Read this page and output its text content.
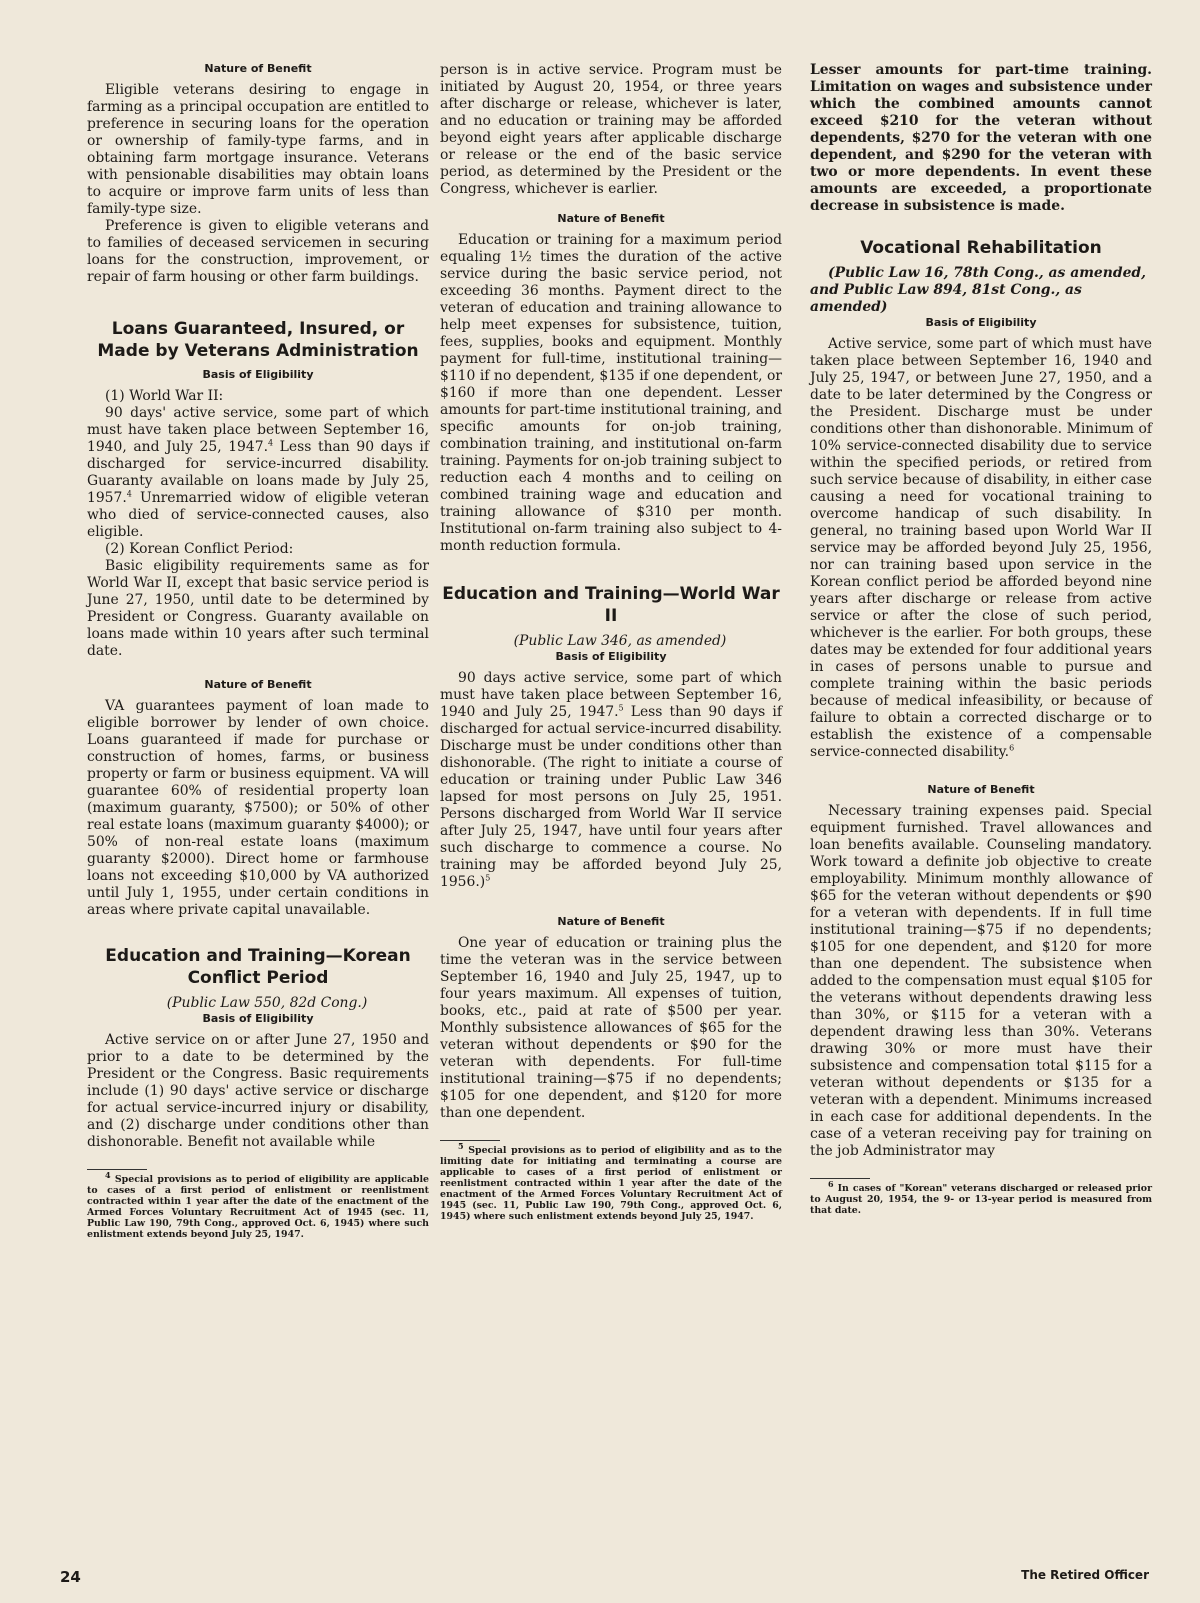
Nature of Benefit

Eligible veterans desiring to engage in farming as a principal occupation are entitled to preference in securing loans for the operation or ownership of family-type farms, and in obtaining farm mortgage insurance. Veterans with pensionable disabilities may obtain loans to acquire or improve farm units of less than family-type size.

Preference is given to eligible veterans and to families of deceased servicemen in securing loans for the construction, improvement, or repair of farm housing or other farm buildings.

Loans Guaranteed, Insured, or Made by Veterans Administration
Basis of Eligibility

(1) World War II:

90 days' active service, some part of which must have taken place between September 16, 1940, and July 25, 1947.$^4$ Less than 90 days if discharged for service-incurred disability. Guaranty available on loans made by July 25, 1957.$^4$ Unremarried widow of eligible veteran who died of service-connected causes, also eligible.

(2) Korean Conflict Period:

Basic eligibility requirements same as for World War II, except that basic service period is June 27, 1950, until date to be determined by President or Congress. Guaranty available on loans made within 10 years after such terminal date.

Nature of Benefit

VA guarantees payment of loan made to eligible borrower by lender of own choice. Loans guaranteed if made for purchase or construction of homes, farms, or business property or farm or business equipment. VA will guarantee 60% of residential property loan (maximum guaranty, $7500); or 50% of other real estate loans (maximum guaranty $4000); or 50% of non-real estate loans (maximum guaranty $2000). Direct home or farmhouse loans not exceeding $10,000 by VA authorized until July 1, 1955, under certain conditions in areas where private capital unavailable.

Education and Training—Korean Conflict Period

(Public Law 550, 82d Cong.)

Basis of Eligibility

Active service on or after June 27, 1950 and prior to a date to be determined by the President or the Congress. Basic requirements include (1) 90 days' active service or discharge for actual service-incurred injury or disability, and (2) discharge under conditions other than dishonorable. Benefit not available while

$^4$ Special provisions as to period of eligibility are applicable to cases of a first period of enlistment or reenlistment contracted within 1 year after the date of the enactment of the Armed Forces Voluntary Recruitment Act of 1945 (sec. 11, Public Law 190, 79th Cong., approved Oct. 6, 1945) where such enlistment extends beyond July 25, 1947.

person is in active service. Program must be initiated by August 20, 1954, or three years after discharge or release, whichever is later, and no education or training may be afforded beyond eight years after applicable discharge or release or the end of the basic service period, as determined by the President or the Congress, whichever is earlier.

Nature of Benefit

Education or training for a maximum period equaling 1½ times the duration of the active service during the basic service period, not exceeding 36 months. Payment direct to the veteran of education and training allowance to help meet expenses for subsistence, tuition, fees, supplies, books and equipment. Monthly payment for full-time, institutional training—$110 if no dependent, $135 if one dependent, or $160 if more than one dependent. Lesser amounts for part-time institutional training, and specific amounts for on-job training, combination training, and institutional on-farm training. Payments for on-job training subject to reduction each 4 months and to ceiling on combined training wage and education and training allowance of $310 per month. Institutional on-farm training also subject to 4-month reduction formula.

Education and Training—World War II

(Public Law 346, as amended)

Basis of Eligibility

90 days active service, some part of which must have taken place between September 16, 1940 and July 25, 1947.$^5$ Less than 90 days if discharged for actual service-incurred disability. Discharge must be under conditions other than dishonorable. (The right to initiate a course of education or training under Public Law 346 lapsed for most persons on July 25, 1951. Persons discharged from World War II service after July 25, 1947, have until four years after such discharge to commence a course. No training may be afforded beyond July 25, 1956.)$^5$

Nature of Benefit

One year of education or training plus the time the veteran was in the service between September 16, 1940 and July 25, 1947, up to four years maximum. All expenses of tuition, books, etc., paid at rate of $500 per year. Monthly subsistence allowances of $65 for the veteran without dependents or $90 for the veteran with dependents. For full-time institutional training—$75 if no dependents; $105 for one dependent, and $120 for more than one dependent.

$^5$ Special provisions as to period of eligibility and as to the limiting date for initiating and terminating a course are applicable to cases of a first period of enlistment or reenlistment contracted within 1 year after the date of the enactment of the Armed Forces Voluntary Recruitment Act of 1945 (sec. 11, Public Law 190, 79th Cong., approved Oct. 6, 1945) where such enlistment extends beyond July 25, 1947.

Lesser amounts for part-time training. Limitation on wages and subsistence under which the combined amounts cannot exceed $210 for the veteran without dependents, $270 for the veteran with one dependent, and $290 for the veteran with two or more dependents. In event these amounts are exceeded, a proportionate decrease in subsistence is made.

Vocational Rehabilitation

(Public Law 16, 78th Cong., as amended, and Public Law 894, 81st Cong., as amended)

Basis of Eligibility

Active service, some part of which must have taken place between September 16, 1940 and July 25, 1947, or between June 27, 1950, and a date to be later determined by the Congress or the President. Discharge must be under conditions other than dishonorable. Minimum of 10% service-connected disability due to service within the specified periods, or retired from such service because of disability, in either case causing a need for vocational training to overcome handicap of such disability. In general, no training based upon World War II service may be afforded beyond July 25, 1956, nor can training based upon service in the Korean conflict period be afforded beyond nine years after discharge or release from active service or after the close of such period, whichever is the earlier. For both groups, these dates may be extended for four additional years in cases of persons unable to pursue and complete training within the basic periods because of medical infeasibility, or because of failure to obtain a corrected discharge or to establish the existence of a compensable service-connected disability.$^6$

Nature of Benefit

Necessary training expenses paid. Special equipment furnished. Travel allowances and loan benefits available. Counseling mandatory. Work toward a definite job objective to create employability. Minimum monthly allowance of $65 for the veteran without dependents or $90 for a veteran with dependents. If in full time institutional training—$75 if no dependents; $105 for one dependent, and $120 for more than one dependent. The subsistence when added to the compensation must equal $105 for the veterans without dependents drawing less than 30%, or $115 for a veteran with a dependent drawing less than 30%. Veterans drawing 30% or more must have their subsistence and compensation total $115 for a veteran without dependents or $135 for a veteran with a dependent. Minimums increased in each case for additional dependents. In the case of a veteran receiving pay for training on the job Administrator may

$^6$ In cases of "Korean" veterans discharged or released prior to August 20, 1954, the 9- or 13-year period is measured from that date.

24	The Retired Officer
